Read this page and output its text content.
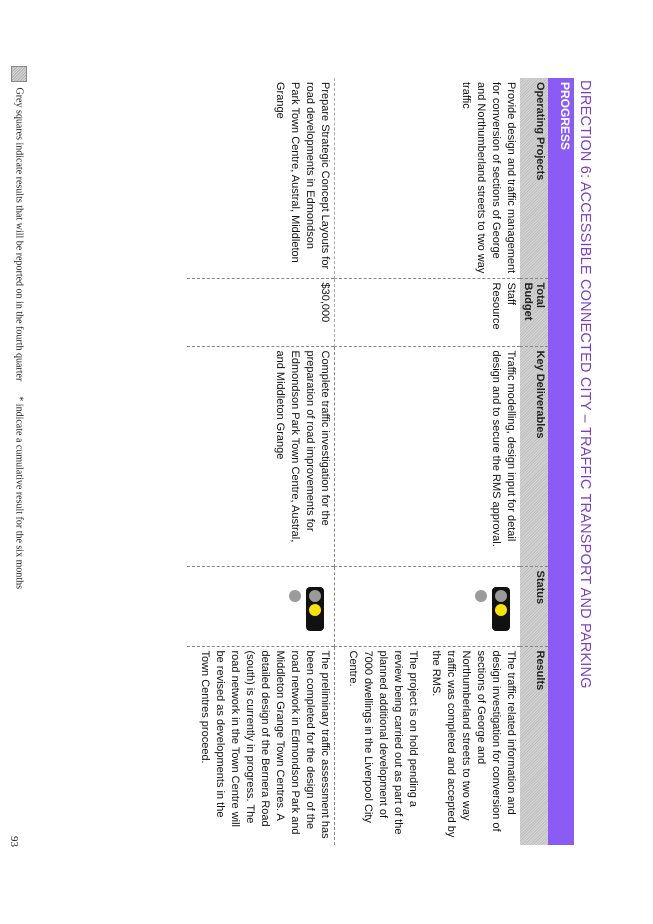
DIRECTION 6: ACCESSIBLE CONNECTED CITY – TRAFFIC TRANSPORT AND PARKING
PROGRESS				
Operating Projects	Total Budget	Key Deliverables	Status	Results
Provide design and traffic management for conversion of sections of George and Northumberland streets to two way traffic	Staff Resource	Traffic modelling, design input for detail design and to secure the RMS approval.		The traffic related information and design investigation for conversion of sections of George and Northumberland streets to two way traffic was completed and accepted by the RMS.

The project is on hold pending a review being carried out as part of the planned additional development of 7000 dwellings in the Liverpool City Centre.

Prepare Strategic Concept Layouts for road developments in Edmondson Park Town Centre, Austral, Middleton Grange	$30,000	Complete traffic investigation for the preparation of road improvements for Edmondson Park Town Centre, Austral, and Middleton Grange		The preliminary traffic assessment has been completed for the design of the road network in Edmondson Park and Middleton Grange Town Centres. A detailed design of the Bernera Road (south) is currently in progress. The road network in the Town Centre will be revised as developments in the Town Centres proceed.

Grey squares indicate results that will be reported on in the fourth quarter      * indicate a cumulative result for the six months
93
